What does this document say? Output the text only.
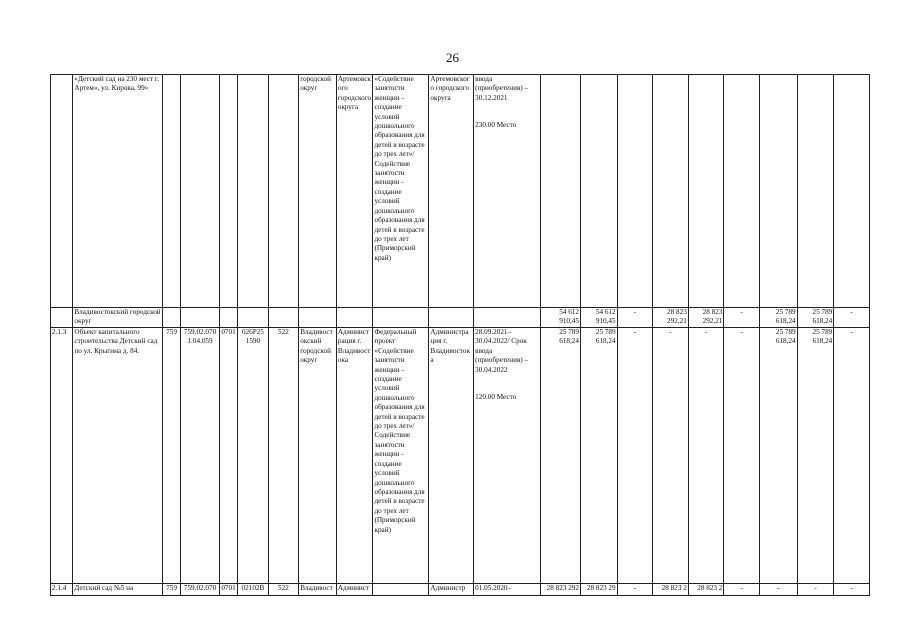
26
	«Детский сад на 230 мест г. Артем», ул. Кирова, 99»						городской округ	Артемовского городского округа	«Содействие занятости женщин - создание условий дошкольного образования для детей в возрасте до трех лет»/Содействие занятости женщин - создание условий дошкольного образования для детей в возрасте до трех лет (Приморский край)	Артемовского городского округа	ввода (приобретения) – 30.12.2021
230.00 Место									
	Владивостокский городской округ											54 612 910,45	54 612 910,45	-	28 823 292,21	28 823 292,21	-	25 789 618,24	25 789 618,24	-
2.1.3	Объект капитального строительства Детский сад по ул. Крыгина д. 84.	759	759.02.070 1.04.059	0701	026P25 1590	522	Владивостокский городской округ	Администрация г. Владивостока	Федеральный проект «Содействие занятости женщин - создание условий дошкольного образования для детей в возрасте до трех лет»/Содействие занятости женщин - создание условий дошкольного образования для детей в возрасте до трех лет (Приморский край)	Администрация г. Владивостока	28.09.2021– 30.04.2022/ Срок ввода (приобретения) – 30.04.2022
120.00 Место	25 789 618,24	25 789 618,24	-	-	-	-	25 789 618,24	25 789 618,24	-
2.1.4	Детский сад №5 на	759	759.02.070	0701	02102В	522	Владивост	Админист		Администр	01.05.2020–	28 823 292	28 823 29	-	28 823 2	28 823 2	-	-	-	-
